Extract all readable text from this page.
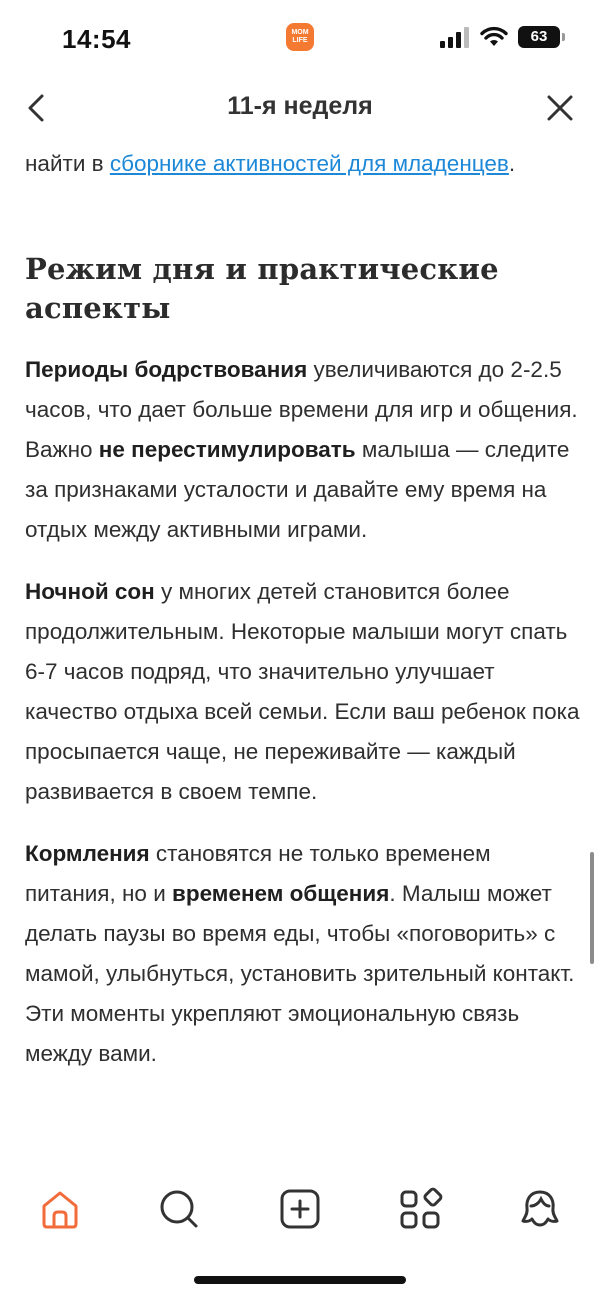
14:54	MOM
LIFE	63
11-я неделя

найти в сборнике активностей для младенцев.

Режим дня и практические аспекты

Периоды бодрствования увеличиваются до 2-2.5 часов, что дает больше времени для игр и общения. Важно не перестимулировать малыша — следите за признаками усталости и давайте ему время на отдых между активными играми.

Ночной сон у многих детей становится более продолжительным. Некоторые малыши могут спать 6-7 часов подряд, что значительно улучшает качество отдыха всей семьи. Если ваш ребенок пока просыпается чаще, не переживайте — каждый развивается в своем темпе.

Кормления становятся не только временем питания, но и временем общения. Малыш может делать паузы во время еды, чтобы «поговорить» с мамой, улыбнуться, установить зрительный контакт. Эти моменты укрепляют эмоциональную связь между вами.
